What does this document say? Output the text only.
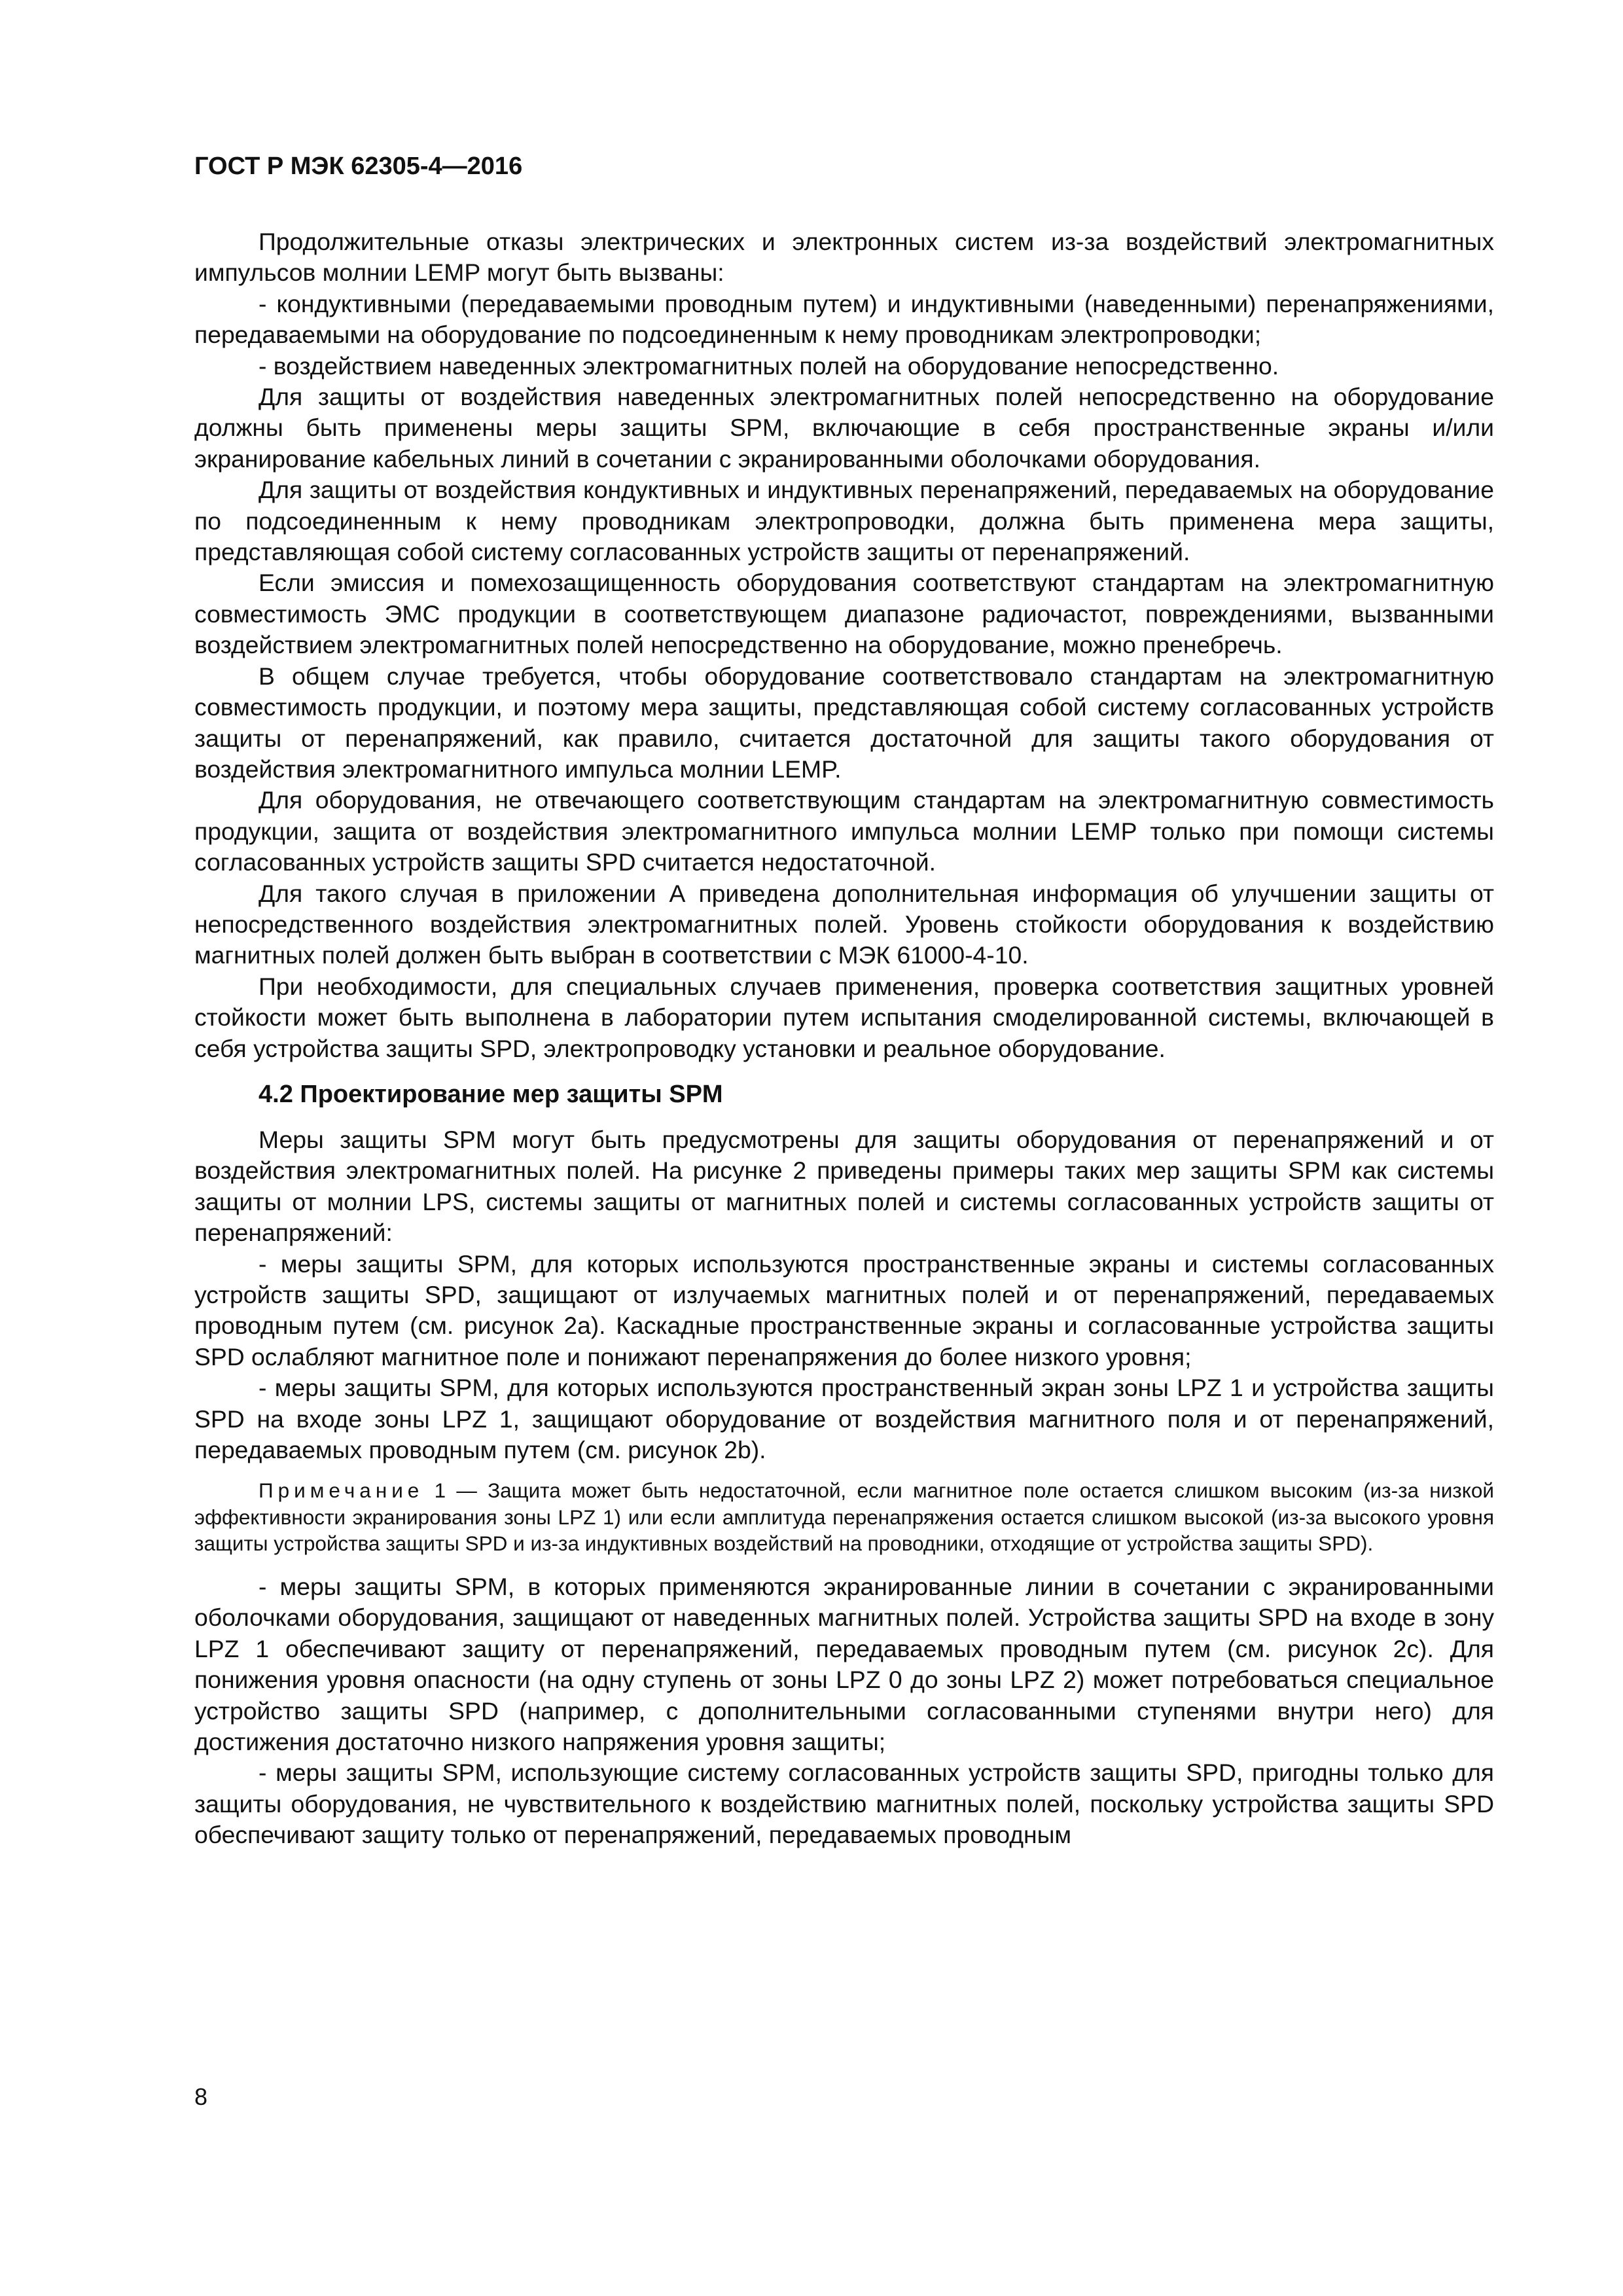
ГОСТ Р МЭК 62305-4—2016

Продолжительные отказы электрических и электронных систем из-за воздействий электромагнитных импульсов молнии LEMP могут быть вызваны:

- кондуктивными (передаваемыми проводным путем) и индуктивными (наведенными) перенапряжениями, передаваемыми на оборудование по подсоединенным к нему проводникам электропроводки;

- воздействием наведенных электромагнитных полей на оборудование непосредственно.

Для защиты от воздействия наведенных электромагнитных полей непосредственно на оборудование должны быть применены меры защиты SPM, включающие в себя пространственные экраны и/или экранирование кабельных линий в сочетании с экранированными оболочками оборудования.

Для защиты от воздействия кондуктивных и индуктивных перенапряжений, передаваемых на оборудование по подсоединенным к нему проводникам электропроводки, должна быть применена мера защиты, представляющая собой систему согласованных устройств защиты от перенапряжений.

Если эмиссия и помехозащищенность оборудования соответствуют стандартам на электромагнитную совместимость ЭМС продукции в соответствующем диапазоне радиочастот, повреждениями, вызванными воздействием электромагнитных полей непосредственно на оборудование, можно пренебречь.

В общем случае требуется, чтобы оборудование соответствовало стандартам на электромагнитную совместимость продукции, и поэтому мера защиты, представляющая собой систему согласованных устройств защиты от перенапряжений, как правило, считается достаточной для защиты такого оборудования от воздействия электромагнитного импульса молнии LEMP.

Для оборудования, не отвечающего соответствующим стандартам на электромагнитную совместимость продукции, защита от воздействия электромагнитного импульса молнии LEMP только при помощи системы согласованных устройств защиты SPD считается недостаточной.

Для такого случая в приложении А приведена дополнительная информация об улучшении защиты от непосредственного воздействия электромагнитных полей. Уровень стойкости оборудования к воздействию магнитных полей должен быть выбран в соответствии с МЭК 61000-4-10.

При необходимости, для специальных случаев применения, проверка соответствия защитных уровней стойкости может быть выполнена в лаборатории путем испытания смоделированной системы, включающей в себя устройства защиты SPD, электропроводку установки и реальное оборудование.

4.2 Проектирование мер защиты SPM

Меры защиты SPM могут быть предусмотрены для защиты оборудования от перенапряжений и от воздействия электромагнитных полей. На рисунке 2 приведены примеры таких мер защиты SPM как системы защиты от молнии LPS, системы защиты от магнитных полей и системы согласованных устройств защиты от перенапряжений:

- меры защиты SPM, для которых используются пространственные экраны и системы согласованных устройств защиты SPD, защищают от излучаемых магнитных полей и от перенапряжений, передаваемых проводным путем (см. рисунок 2a). Каскадные пространственные экраны и согласованные устройства защиты SPD ослабляют магнитное поле и понижают перенапряжения до более низкого уровня;

- меры защиты SPM, для которых используются пространственный экран зоны LPZ 1 и устройства защиты SPD на входе зоны LPZ 1, защищают оборудование от воздействия магнитного поля и от перенапряжений, передаваемых проводным путем (см. рисунок 2b).

Примечание 1 — Защита может быть недостаточной, если магнитное поле остается слишком высоким (из-за низкой эффективности экранирования зоны LPZ 1) или если амплитуда перенапряжения остается слишком высокой (из-за высокого уровня защиты устройства защиты SPD и из-за индуктивных воздействий на проводники, отходящие от устройства защиты SPD).

- меры защиты SPM, в которых применяются экранированные линии в сочетании с экранированными оболочками оборудования, защищают от наведенных магнитных полей. Устройства защиты SPD на входе в зону LPZ 1 обеспечивают защиту от перенапряжений, передаваемых проводным путем (см. рисунок 2c). Для понижения уровня опасности (на одну ступень от зоны LPZ 0 до зоны LPZ 2) может потребоваться специальное устройство защиты SPD (например, с дополнительными согласованными ступенями внутри него) для достижения достаточно низкого напряжения уровня защиты;

- меры защиты SPM, использующие систему согласованных устройств защиты SPD, пригодны только для защиты оборудования, не чувствительного к воздействию магнитных полей, поскольку устройства защиты SPD обеспечивают защиту только от перенапряжений, передаваемых проводным

8
